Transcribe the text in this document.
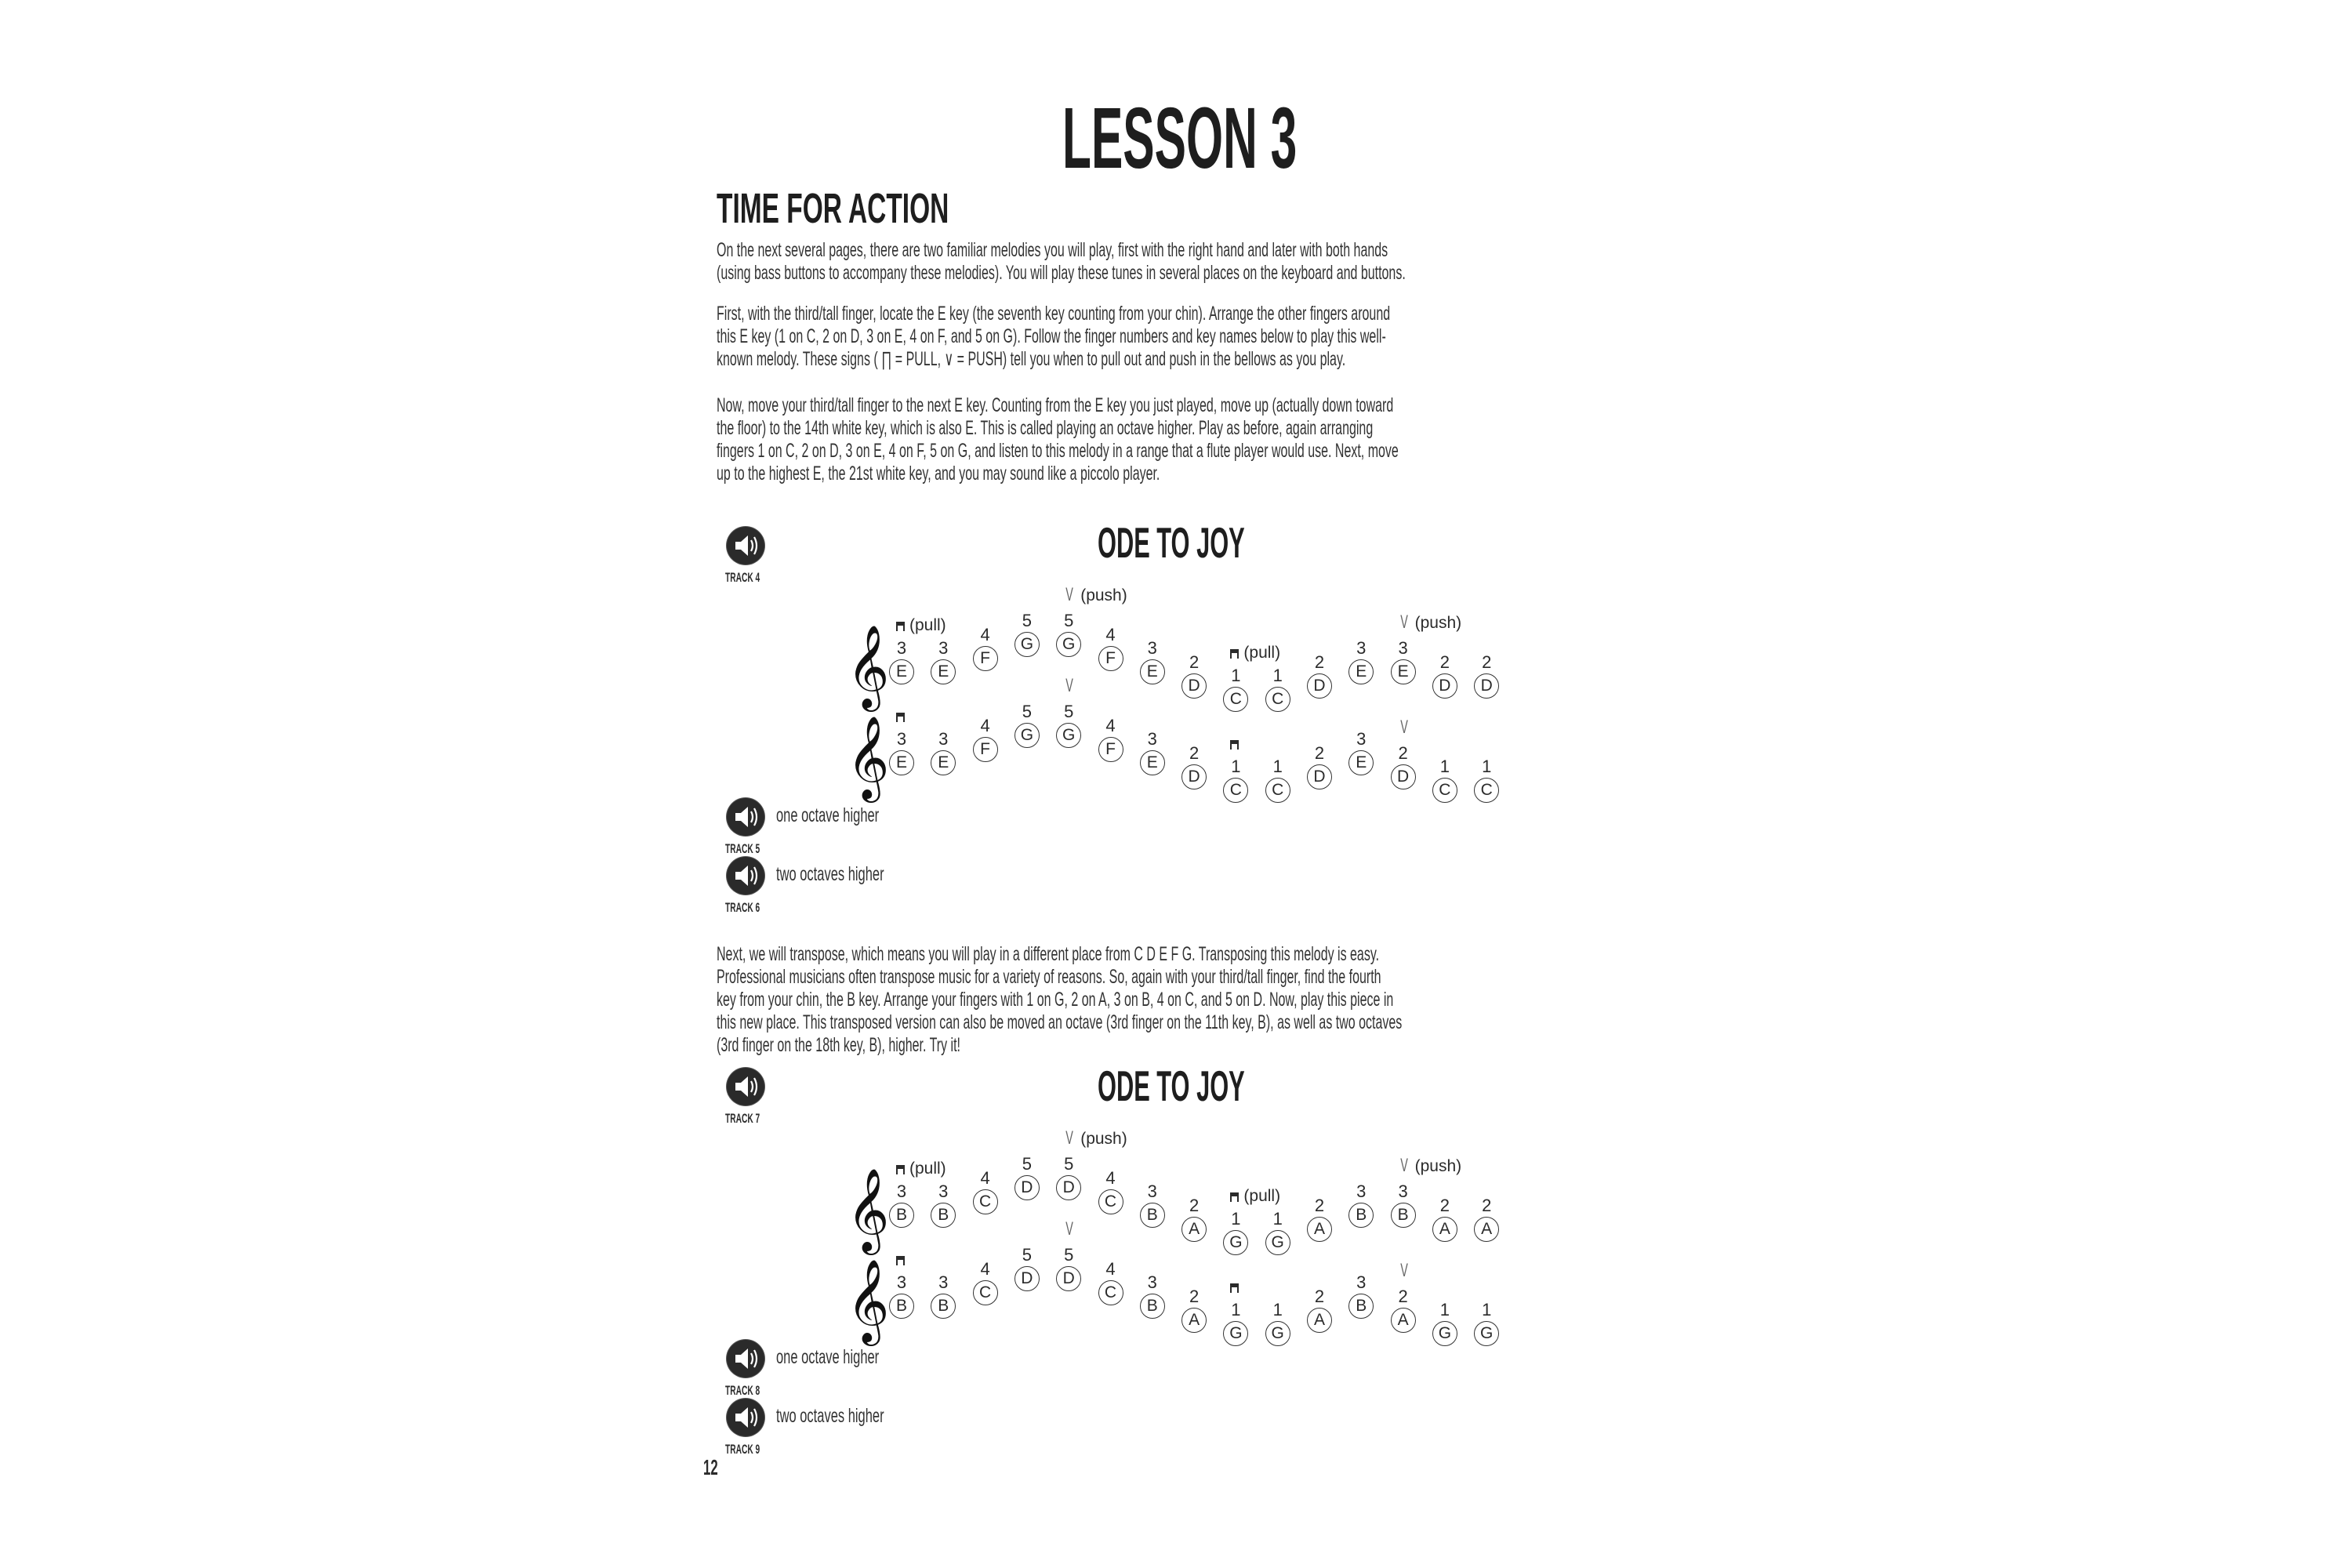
LESSON 3
TIME FOR ACTION
On the next several pages, there are two familiar melodies you will play, first with the right hand and later with both hands
(using bass buttons to accompany these melodies). You will play these tunes in several places on the keyboard and buttons.
First, with the third/tall finger, locate the E key (the seventh key counting from your chin). Arrange the other fingers around
this E key (1 on C, 2 on D, 3 on E, 4 on F, and 5 on G). Follow the finger numbers and key names below to play this well-
known melody. These signs ( ∏ = PULL, ∨ = PUSH) tell you when to pull out and push in the bellows as you play.
Now, move your third/tall finger to the next E key. Counting from the E key you just played, move up (actually down toward
the floor) to the 14th white key, which is also E. This is called playing an octave higher. Play as before, again arranging
fingers 1 on C, 2 on D, 3 on E, 4 on F, 5 on G, and listen to this melody in a range that a flute player would use. Next, move
up to the highest E, the 21st white key, and you may sound like a piccolo player.
Next, we will transpose, which means you will play in a different place from C D E F G. Transposing this melody is easy.
Professional musicians often transpose music for a variety of reasons. So, again with your third/tall finger, find the fourth
key from your chin, the B key. Arrange your fingers with 1 on G, 2 on A, 3 on B, 4 on C, and 5 on D. Now, play this piece in
this new place. This transposed version can also be moved an octave (3rd finger on the 11th key, B), as well as two octaves
(3rd finger on the 18th key, B), higher. Try it!
ODE TO JOY
TRACK 4
TRACK 5
one octave higher
TRACK 6
two octaves higher
𝄞 E
3
(pull)
E
3	F
4	G
5
G
5
V (push)
F
4
E
3
D
2
C
1
(pull)
C
1	D
2	E
3
E
3
V (push)
D
2
D
2
𝄞 E
3
E
3	F
4	G
5
G
5
V
F
4
E
3
D
2
C
1
C
1	D
2	E
3
D
2
V
C
1
C
1
ODE TO JOY
TRACK 7
TRACK 8
one octave higher
TRACK 9
two octaves higher
𝄞 B
3
(pull)
B
3	C
4	D
5
D
5
V (push)
C
4
B
3
A
2
G
1
(pull)
G
1	A
2	B
3
B
3
V (push)
A
2
A
2
𝄞 B
3
B
3	C
4	D
5
D
5
V
C
4
B
3
A
2
G
1
G
1	A
2	B
3
A
2
V
G
1
G
1
12
